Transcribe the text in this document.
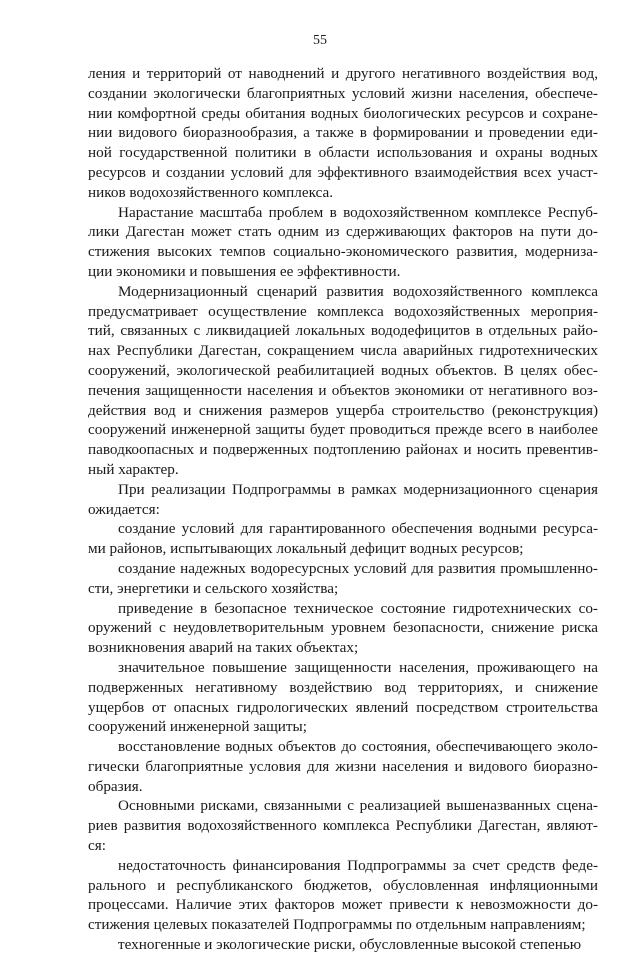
55
ления и территорий от наводнений и другого негативного воздействия вод,
создании экологически благоприятных условий жизни населения, обеспече-
нии комфортной среды обитания водных биологических ресурсов и сохране-
нии видового биоразнообразия, а также в формировании и проведении еди-
ной государственной политики в области использования и охраны водных
ресурсов и создании условий для эффективного взаимодействия всех участ-
ников водохозяйственного комплекса.
Нарастание масштаба проблем в водохозяйственном комплексе Респуб-
лики Дагестан может стать одним из сдерживающих факторов на пути до-
стижения высоких темпов социально-экономического развития, модерниза-
ции экономики и повышения ее эффективности.
Модернизационный сценарий развития водохозяйственного комплекса
предусматривает осуществление комплекса водохозяйственных мероприя-
тий, связанных с ликвидацией локальных вододефицитов в отдельных райо-
нах Республики Дагестан, сокращением числа аварийных гидротехнических
сооружений, экологической реабилитацией водных объектов. В целях обес-
печения защищенности населения и объектов экономики от негативного воз-
действия вод и снижения размеров ущерба строительство (реконструкция)
сооружений инженерной защиты будет проводиться прежде всего в наиболее
паводкоопасных и подверженных подтоплению районах и носить превентив-
ный характер.
При реализации Подпрограммы в рамках модернизационного сценария
ожидается:
создание условий для гарантированного обеспечения водными ресурса-
ми районов, испытывающих локальный дефицит водных ресурсов;
создание надежных водоресурсных условий для развития промышленно-
сти, энергетики и сельского хозяйства;
приведение в безопасное техническое состояние гидротехнических со-
оружений с неудовлетворительным уровнем безопасности, снижение риска
возникновения аварий на таких объектах;
значительное повышение защищенности населения, проживающего на
подверженных негативному воздействию вод территориях, и снижение
ущербов от опасных гидрологических явлений посредством строительства
сооружений инженерной защиты;
восстановление водных объектов до состояния, обеспечивающего эколо-
гически благоприятные условия для жизни населения и видового биоразно-
образия.
Основными рисками, связанными с реализацией вышеназванных сцена-
риев развития водохозяйственного комплекса Республики Дагестан, являют-
ся:
недостаточность финансирования Подпрограммы за счет средств феде-
рального и республиканского бюджетов, обусловленная инфляционными
процессами. Наличие этих факторов может привести к невозможности до-
стижения целевых показателей Подпрограммы по отдельным направлениям;
техногенные и экологические риски, обусловленные высокой степенью
